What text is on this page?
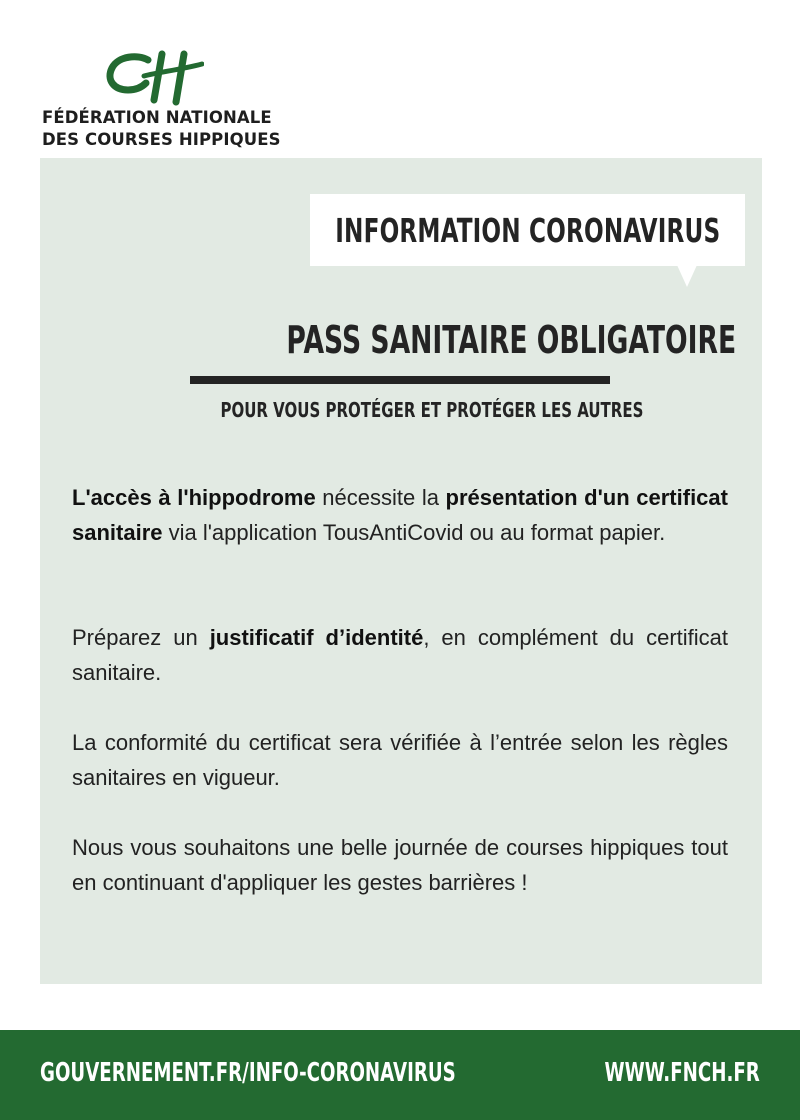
FÉDÉRATION NATIONALE
DES COURSES HIPPIQUES
INFORMATION CORONAVIRUS
PASS SANITAIRE OBLIGATOIRE
POUR VOUS PROTÉGER ET PROTÉGER LES AUTRES
L'accès à l'hippodrome nécessite la présentation d'un certificat sanitaire via l'application TousAntiCovid ou au format papier.
Préparez un justificatif d’identité, en complément du certificat sanitaire.
La conformité du certificat sera vérifiée à l’entrée selon les règles sanitaires en vigueur.
Nous vous souhaitons une belle journée de courses hippiques tout en continuant d'appliquer les gestes barrières !
GOUVERNEMENT.FR/INFO-CORONAVIRUS	WWW.FNCH.FR
